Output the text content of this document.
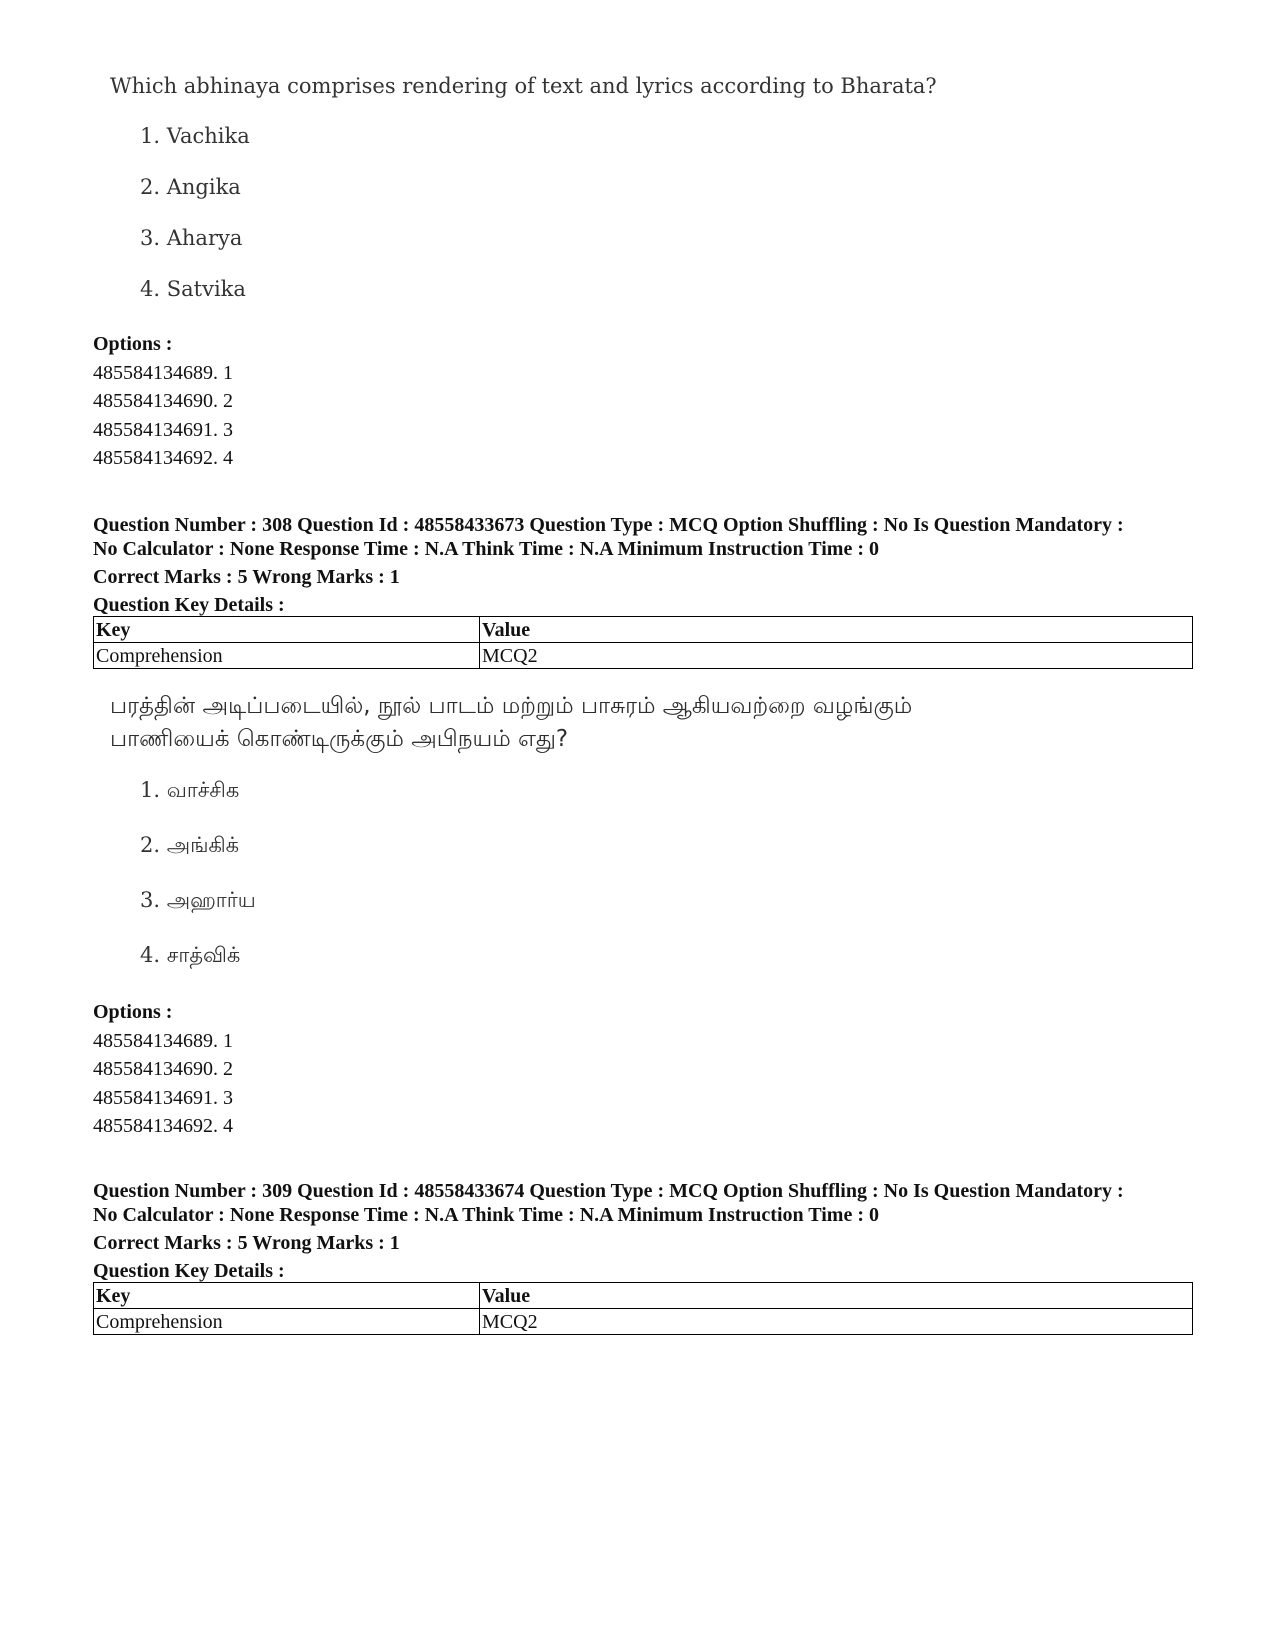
Which abhinaya comprises rendering of text and lyrics according to Bharata?

1. Vachika
2. Angika
3. Aharya
4. Satvika
Options :
485584134689. 1
485584134690. 2
485584134691. 3
485584134692. 4

Question Number : 308 Question Id : 48558433673 Question Type : MCQ Option Shuffling : No Is Question Mandatory :

No Calculator : None Response Time : N.A Think Time : N.A Minimum Instruction Time : 0

Correct Marks : 5 Wrong Marks : 1

Question Key Details :

Key	Value
Comprehension	MCQ2

பரத்தின் அடிப்படையில், நூல் பாடம் மற்றும் பாசுரம் ஆகியவற்றை வழங்கும்

பாணியைக் கொண்டிருக்கும் அபிநயம் எது?

1. வாச்சிக
2. அங்கிக்
3. அஹார்ய
4. சாத்விக்
Options :
485584134689. 1
485584134690. 2
485584134691. 3
485584134692. 4

Question Number : 309 Question Id : 48558433674 Question Type : MCQ Option Shuffling : No Is Question Mandatory :

No Calculator : None Response Time : N.A Think Time : N.A Minimum Instruction Time : 0

Correct Marks : 5 Wrong Marks : 1

Question Key Details :

Key	Value
Comprehension	MCQ2
